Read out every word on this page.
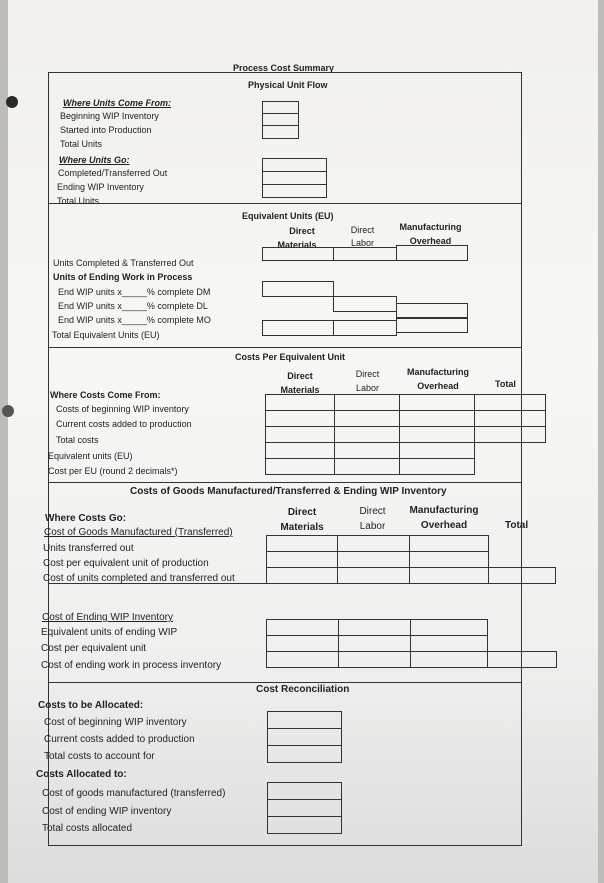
Process Cost Summary
Physical Unit Flow
Where Units Come From:
Beginning WIP Inventory
Started into Production
Total Units
Where Units Go:
Completed/Transferred Out
Ending WIP Inventory
Total Units
Equivalent Units (EU)
Direct
Materials
Direct
Labor
Manufacturing
Overhead
Units Completed & Transferred Out
Units of Ending Work in Process
End WIP units x_____% complete DM
End WIP units x_____% complete DL
End WIP units x_____% complete MO
Total Equivalent Units (EU)
Costs Per Equivalent Unit
Direct
Materials
Direct
Labor
Manufacturing
Overhead	Total
Where Costs Come From:
Costs of beginning WIP inventory
Current costs added to production
Total costs
Equivalent units (EU)
Cost per EU (round 2 decimals*)
Costs of Goods Manufactured/Transferred & Ending WIP Inventory
Direct
Materials
Direct
Labor
Manufacturing
Overhead	Total
Where Costs Go:
Cost of Goods Manufactured (Transferred)
Units transferred out
Cost per equivalent unit of production
Cost of units completed and transferred out
Cost of Ending WIP Inventory
Equivalent units of ending WIP
Cost per equivalent unit
Cost of ending work in process inventory
Cost Reconciliation
Costs to be Allocated:
Cost of beginning WIP inventory
Current costs added to production
Total costs to account for
Costs Allocated to:
Cost of goods manufactured (transferred)
Cost of ending WIP inventory
Total costs allocated
